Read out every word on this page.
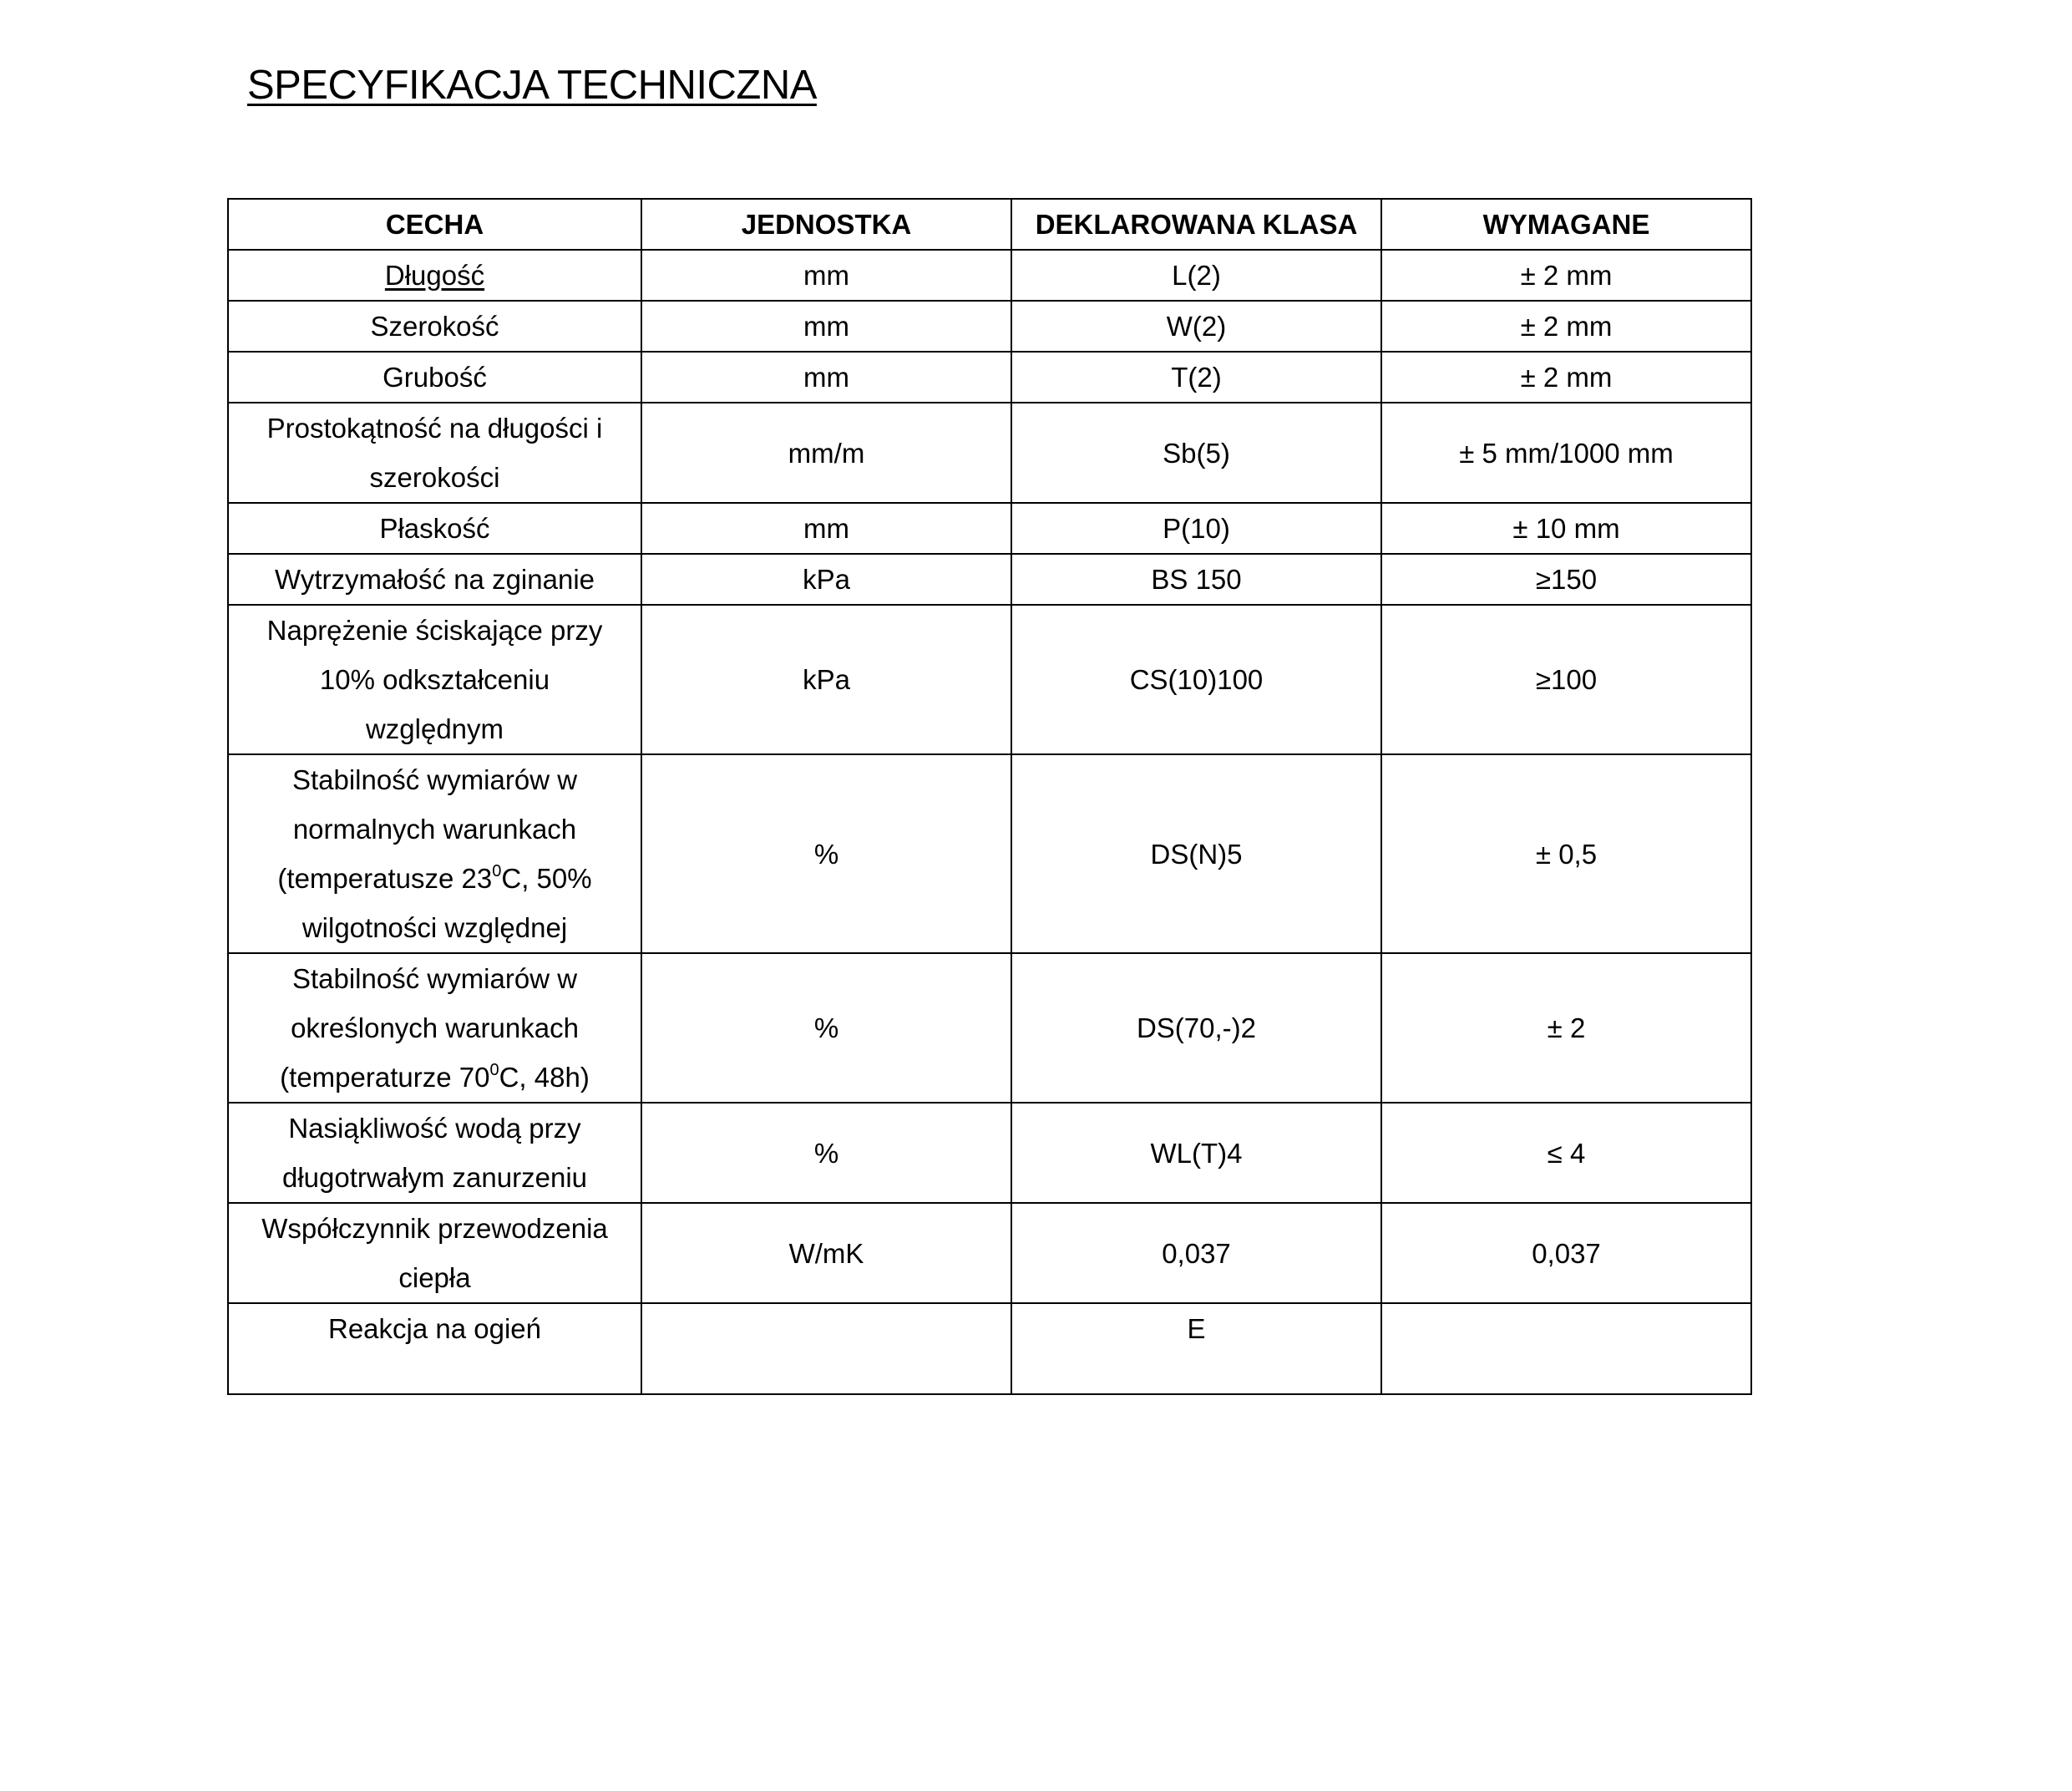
SPECYFIKACJA TECHNICZNA
CECHA	JEDNOSTKA	DEKLAROWANA KLASA	WYMAGANE
Długość	mm	L(2)	± 2 mm
Szerokość	mm	W(2)	± 2 mm
Grubość	mm	T(2)	± 2 mm

Prostokątność na długości i
szerokości	mm/m	Sb(5)	± 5 mm/1000 mm
Płaskość	mm	P(10)	± 10 mm
Wytrzymałość na zginanie	kPa	BS 150	≥150

Naprężenie ściskające przy
10% odkształceniu
względnym	kPa	CS(10)100	≥100

Stabilność wymiarów w
normalnych warunkach
(temperatusze $23^0C$, 50%
wilgotności względnej	%	DS(N)5	± 0,5

Stabilność wymiarów w
określonych warunkach
(temperaturze $70^0C$, 48h)	%	DS(70,-)2	± 2

Nasiąkliwość wodą przy
długotrwałym zanurzeniu	%	WL(T)4	≤ 4

Współczynnik przewodzenia
ciepła	W/mK	0,037	0,037
Reakcja na ogień		E	
